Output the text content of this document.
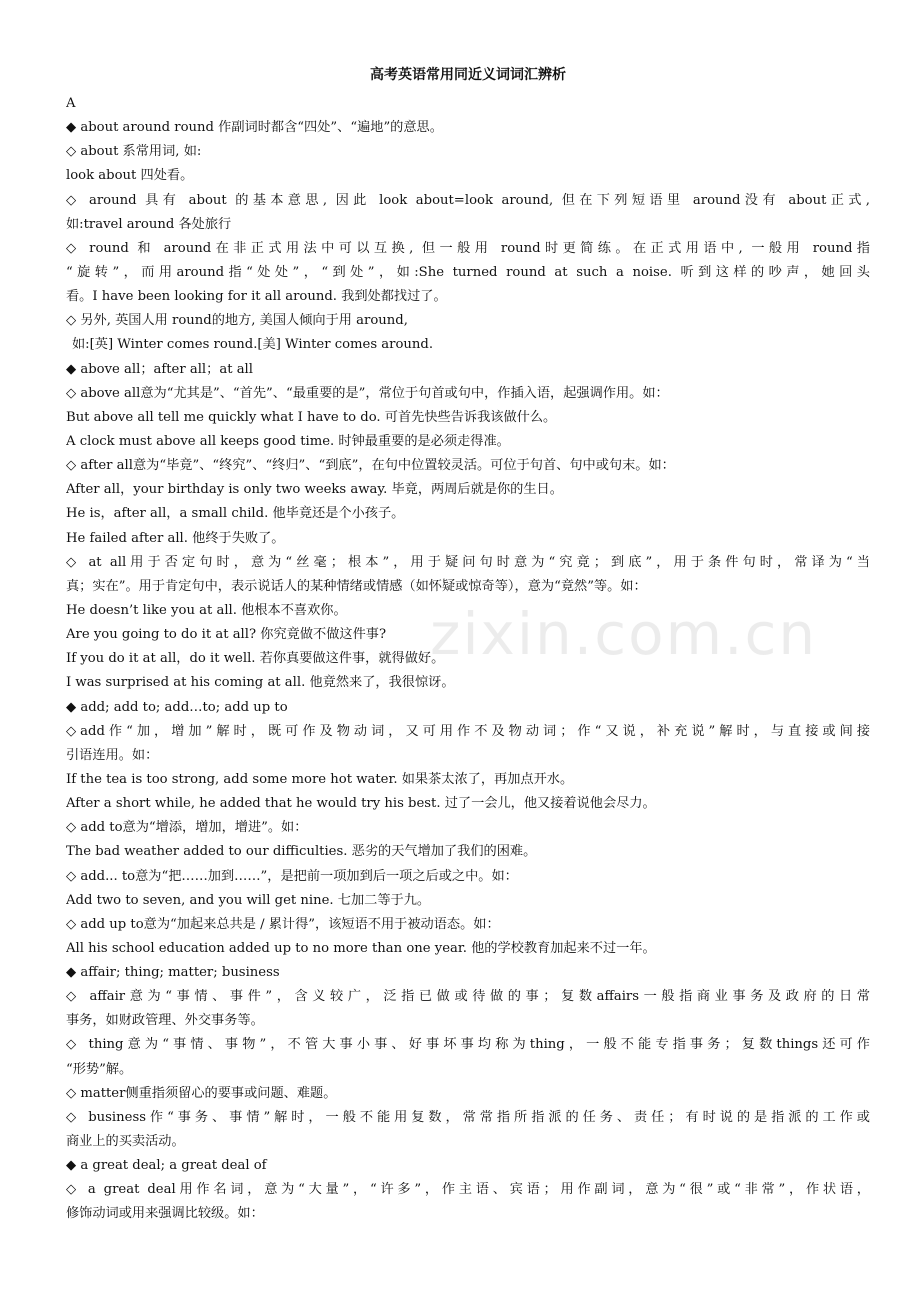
高考英语常用同近义词词汇辨析
A
◆ about around round 作副词时都含“四处”、“遍地”的意思。
◇ about 系常用词, 如:
look about 四处看。
◇ around 具有 about 的基本意思, 因此 look about=look around, 但在下列短语里 around没有 about正式,
如:travel around 各处旅行
◇ round 和 around在非正式用法中可以互换, 但一般用 round时更简练。在正式用语中, 一般用 round指
“旋转”，而用around指“处处”，“到处”，如:She turned round at such a noise. 听到这样的吵声，她回头
看。I have been looking for it all around. 我到处都找过了。
◇ 另外, 英国人用 round的地方, 美国人倾向于用 around,
如:[英] Winter comes round.[美] Winter comes around.
◆ above all；after all；at all
◇ above all意为“尤其是”、“首先”、“最重要的是”，常位于句首或句中，作插入语，起强调作用。如：
But above all tell me quickly what I have to do. 可首先快些告诉我该做什么。
A clock must above all keeps good time. 时钟最重要的是必须走得准。
◇ after all意为“毕竟”、“终究”、“终归”、“到底”，在句中位置较灵活。可位于句首、句中或句末。如：
After all，your birthday is only two weeks away. 毕竟，两周后就是你的生日。
He is，after all，a small child. 他毕竟还是个小孩子。
He failed after all. 他终于失败了。
◇ at all用于否定句时，意为“丝毫；根本”，用于疑问句时意为“究竟；到底”，用于条件句时，常译为“当
真；实在”。用于肯定句中，表示说话人的某种情绪或情感（如怀疑或惊奇等），意为“竟然”等。如：
He doesn’t like you at all. 他根本不喜欢你。
Are you going to do it at all? 你究竟做不做这件事?
If you do it at all，do it well. 若你真要做这件事，就得做好。
I was surprised at his coming at all. 他竟然来了，我很惊讶。
◆ add; add to; add…to; add up to
◇add作“加，增加”解时，既可作及物动词，又可用作不及物动词；作“又说，补充说”解时，与直接或间接
引语连用。如：
If the tea is too strong, add some more hot water. 如果茶太浓了，再加点开水。
After a short while, he added that he would try his best. 过了一会儿，他又接着说他会尽力。
◇ add to意为“增添，增加，增进”。如：
The bad weather added to our difficulties. 恶劣的天气增加了我们的困难。
◇ add... to意为“把……加到……”，是把前一项加到后一项之后或之中。如：
Add two to seven, and you will get nine. 七加二等于九。
◇ add up to意为“加起来总共是 / 累计得”，该短语不用于被动语态。如：
All his school education added up to no more than one year. 他的学校教育加起来不过一年。
◆ affair; thing; matter; business
◇ affair意为“事情、事件”，含义较广，泛指已做或待做的事；复数affairs一般指商业事务及政府的日常
事务，如财政管理、外交事务等。
◇ thing意为“事情、事物”，不管大事小事、好事坏事均称为thing，一般不能专指事务；复数things还可作
“形势”解。
◇ matter侧重指须留心的要事或问题、难题。
◇ business作“事务、事情”解时，一般不能用复数，常常指所指派的任务、责任；有时说的是指派的工作或
商业上的买卖活动。
◆ a great deal; a great deal of
◇ a great deal用作名词，意为“大量”，“许多”，作主语、宾语；用作副词，意为“很”或“非常”，作状语，
修饰动词或用来强调比较级。如：
zixin.com.cn
